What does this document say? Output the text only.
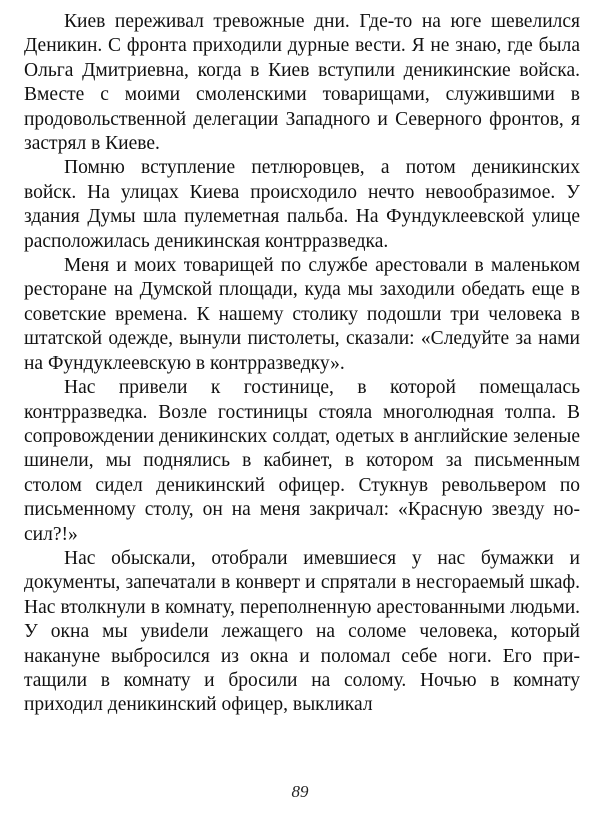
Киев переживал тревожные дни. Где-то на юге шевелился Деникин. С фронта приходили дурные вести. Я не знаю, где была Ольга Дмитриевна, когда в Киев вступили деникинские войска. Вместе с моими смоленскими товарищами, служившими в продовольственной делегации Западного и Северного фронтов, я застрял в Киеве.

Помню вступление петлюровцев, а потом деникинских войск. На улицах Киева происходило нечто невообразимое. У здания Думы шла пулеметная пальба. На Фундуклеевской улице расположилась деникинская контрразведка.

Меня и моих товарищей по службе арестовали в маленьком ресторане на Думской площади, куда мы заходили обедать еще в советские времена. К нашему столику подошли три человека в штатской одежде, вынули пистолеты, сказали: «Следуйте за нами на Фундуклеевскую в контрразведку».

Нас привели к гостинице, в которой помещалась контрразведка. Возле гостиницы стояла многолюдная толпа. В сопровождении деникинских солдат, одетых в английские зеленые шинели, мы поднялись в кабинет, в котором за письменным столом сидел деникинский офицер. Стукнув револьвером по письменному столу, он на меня закричал: «Красную звезду носил?!»

Нас обыскали, отобрали имевшиеся у нас бумажки и документы, запечатали в конверт и спрятали в несгораемый шкаф. Нас втолкнули в комнату, переполненную арестованными людьми. У окна мы увиdели лежащего на соломе человека, который накануне выбросился из окна и поломал себе ноги. Его притащили в комнату и бросили на солому. Ночью в комнату приходил деникинский офицер, выкликал

89
